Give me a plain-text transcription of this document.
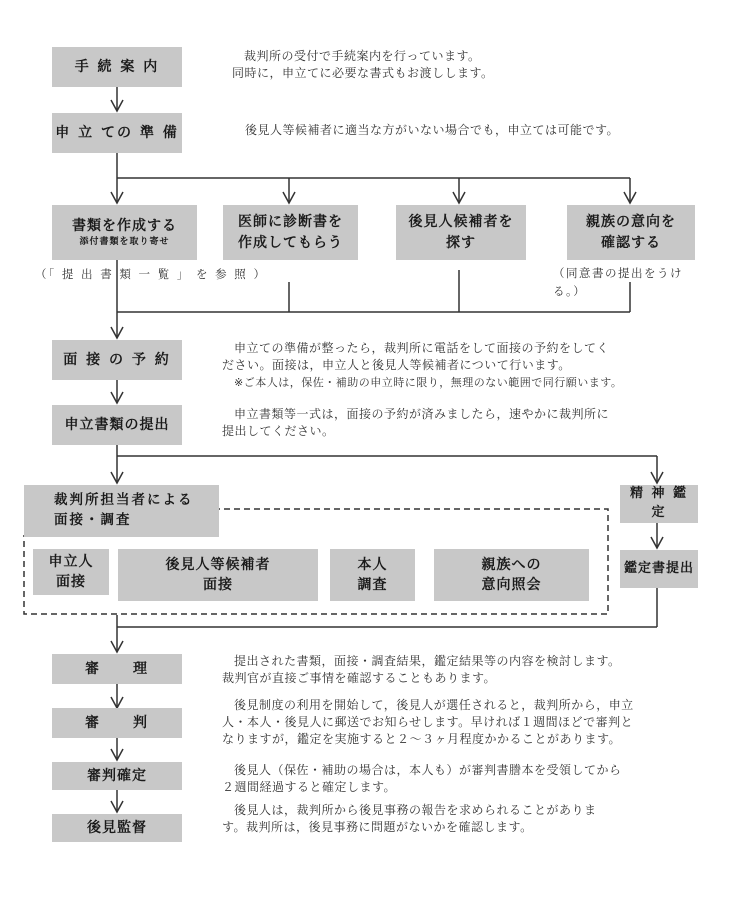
手 続 案 内
裁判所の受付で手続案内を行っています。
同時に，申立てに必要な書式もお渡しします。
申 立 ての 準 備	後見人等候補者に適当な方がいない場合でも，申立ては可能です。
書類を作成する
添付書類を取り寄せ
医師に診断書を
作成してもらう
後見人候補者を
探す
親族の意向を
確認する
（「 提 出 書 類 一 覧 」 を 参 照 ）	（同意書の提出をうけ
る。）
面 接 の 予 約
申立ての準備が整ったら，裁判所に電話をして面接の予約をしてく
ださい。面接は，申立人と後見人等候補者について行います。
※ご本人は，保佐・補助の申立時に限り，無理のない範囲で同行願います。
申立書類の提出
申立書類等一式は，面接の予約が済みましたら，速やかに裁判所に
提出してください。
裁判所担当者による
面接・調査
申立人
面接
後見人等候補者
面接
本人
調査
親族への
意向照会
精 神 鑑 定
鑑定書提出
審　　理	提出された書類，面接・調査結果，鑑定結果等の内容を検討します。
裁判官が直接ご事情を確認することもあります。
審　　判
後見制度の利用を開始して，後見人が選任されると，裁判所から，申立
人・本人・後見人に郵送でお知らせします。早ければ１週間ほどで審判と
なりますが，鑑定を実施すると２～３ヶ月程度かかることがあります。
審判確定	後見人（保佐・補助の場合は，本人も）が審判書謄本を受領してから
２週間経過すると確定します。
後見監督
後見人は，裁判所から後見事務の報告を求められることがありま
す。裁判所は，後見事務に問題がないかを確認します。
